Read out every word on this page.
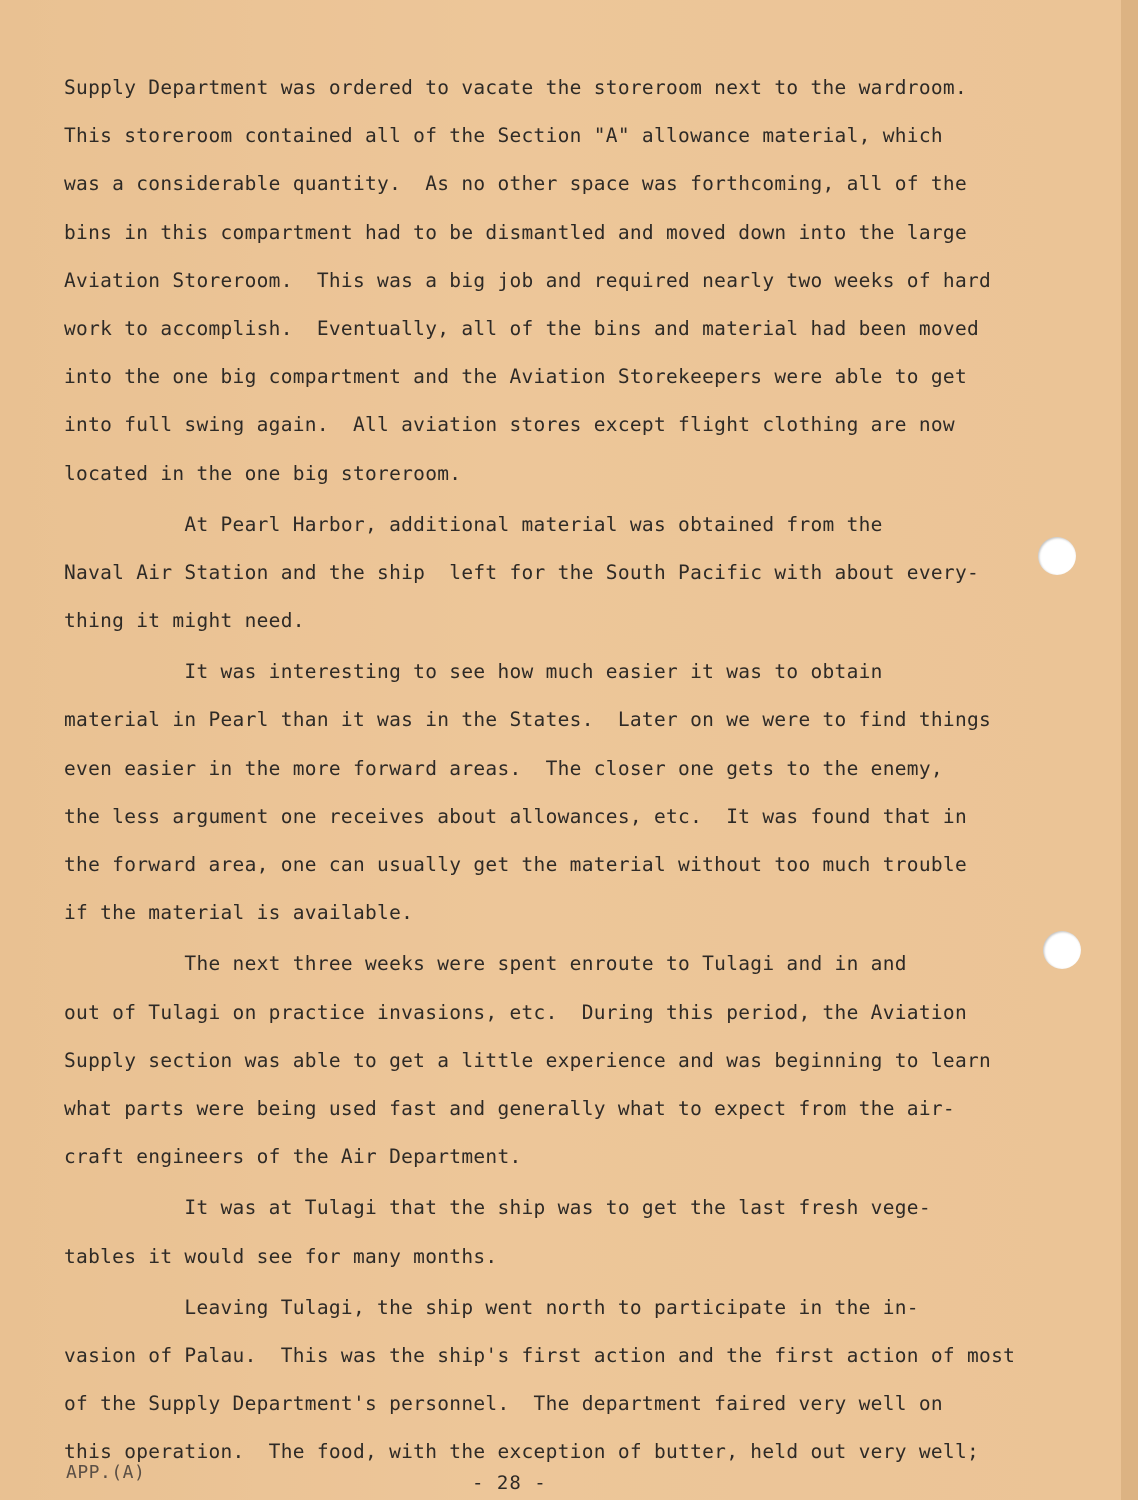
Supply Department was ordered to vacate the storeroom next to the wardroom.
This storeroom contained all of the Section "A" allowance material, which
was a considerable quantity.  As no other space was forthcoming, all of the
bins in this compartment had to be dismantled and moved down into the large
Aviation Storeroom.  This was a big job and required nearly two weeks of hard
work to accomplish.  Eventually, all of the bins and material had been moved
into the one big compartment and the Aviation Storekeepers were able to get
into full swing again.  All aviation stores except flight clothing are now
located in the one big storeroom.
At Pearl Harbor, additional material was obtained from the
Naval Air Station and the ship  left for the South Pacific with about every-
thing it might need.
It was interesting to see how much easier it was to obtain
material in Pearl than it was in the States.  Later on we were to find things
even easier in the more forward areas.  The closer one gets to the enemy,
the less argument one receives about allowances, etc.  It was found that in
the forward area, one can usually get the material without too much trouble
if the material is available.
The next three weeks were spent enroute to Tulagi and in and
out of Tulagi on practice invasions, etc.  During this period, the Aviation
Supply section was able to get a little experience and was beginning to learn
what parts were being used fast and generally what to expect from the air-
craft engineers of the Air Department.
It was at Tulagi that the ship was to get the last fresh vege-
tables it would see for many months.
Leaving Tulagi, the ship went north to participate in the in-
vasion of Palau.  This was the ship's first action and the first action of most
of the Supply Department's personnel.  The department faired very well on
this operation.  The food, with the exception of butter, held out very well;
APP.(A)	- 28 -
